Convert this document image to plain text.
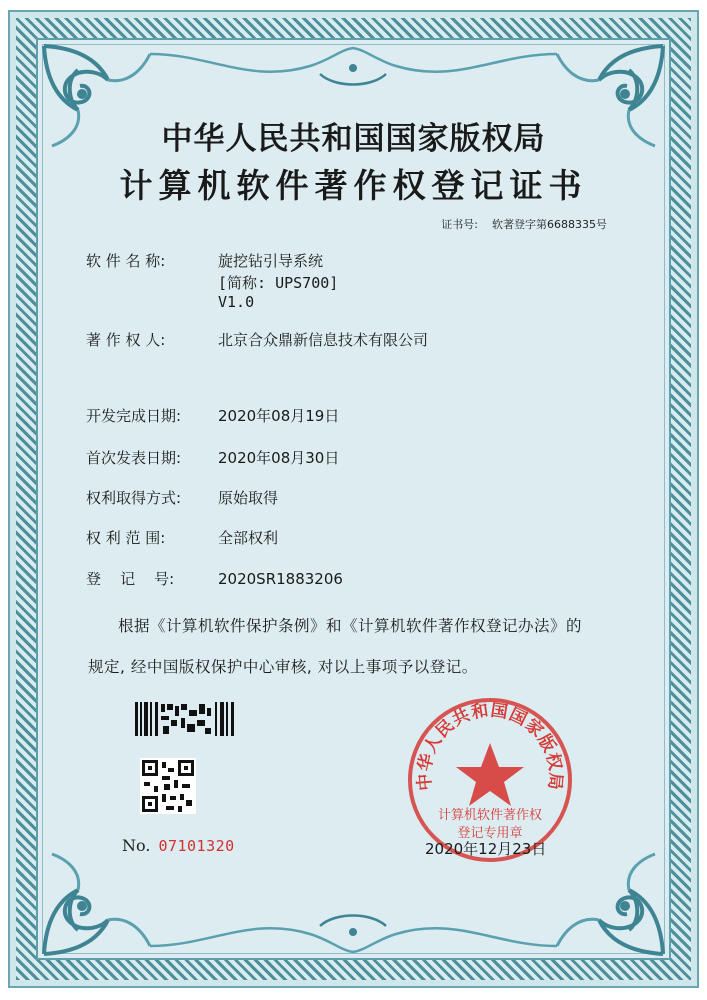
中华人民共和国国家版权局
计算机软件著作权登记证书
证书号: 软著登字第6688335号
软 件 名 称:	旋挖钻引导系统
[简称: UPS700]
V1.0
著 作 权 人:	北京合众鼎新信息技术有限公司
开发完成日期: 2020年08月19日
首次发表日期: 2020年08月30日
权利取得方式: 原始取得
权 利 范 围:	全部权利
登    记    号:	2020SR1883206
根据《计算机软件保护条例》和《计算机软件著作权登记办法》的
规定, 经中国版权保护中心审核, 对以上事项予以登记。
No. 07101320
中华人民共和国国家版权局
计算机软件著作权
登记专用章
2020年12月23日
